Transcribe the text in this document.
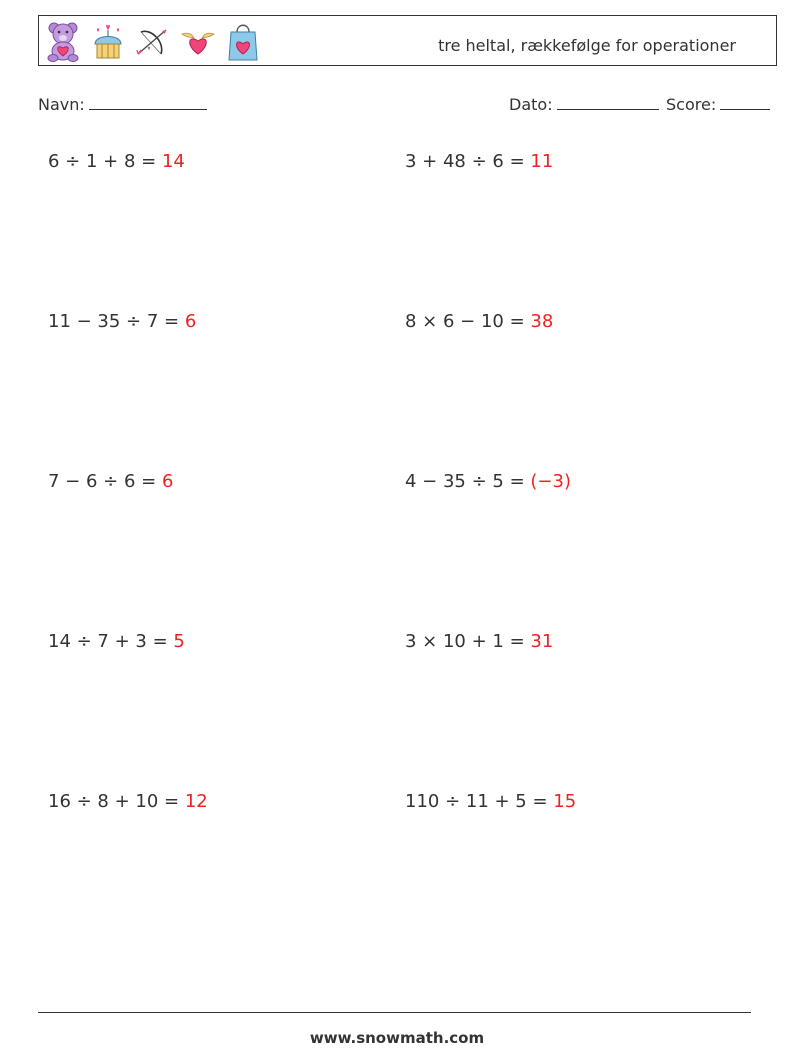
tre heltal, rækkefølge for operationer
Navn:	Dato:	Score:
6 ÷ 1 + 8 = 14	3 + 48 ÷ 6 = 11
11 − 35 ÷ 7 = 6	8 × 6 − 10 = 38
7 − 6 ÷ 6 = 6	4 − 35 ÷ 5 = (−3)
14 ÷ 7 + 3 = 5	3 × 10 + 1 = 31
16 ÷ 8 + 10 = 12	110 ÷ 11 + 5 = 15
www.snowmath.com
